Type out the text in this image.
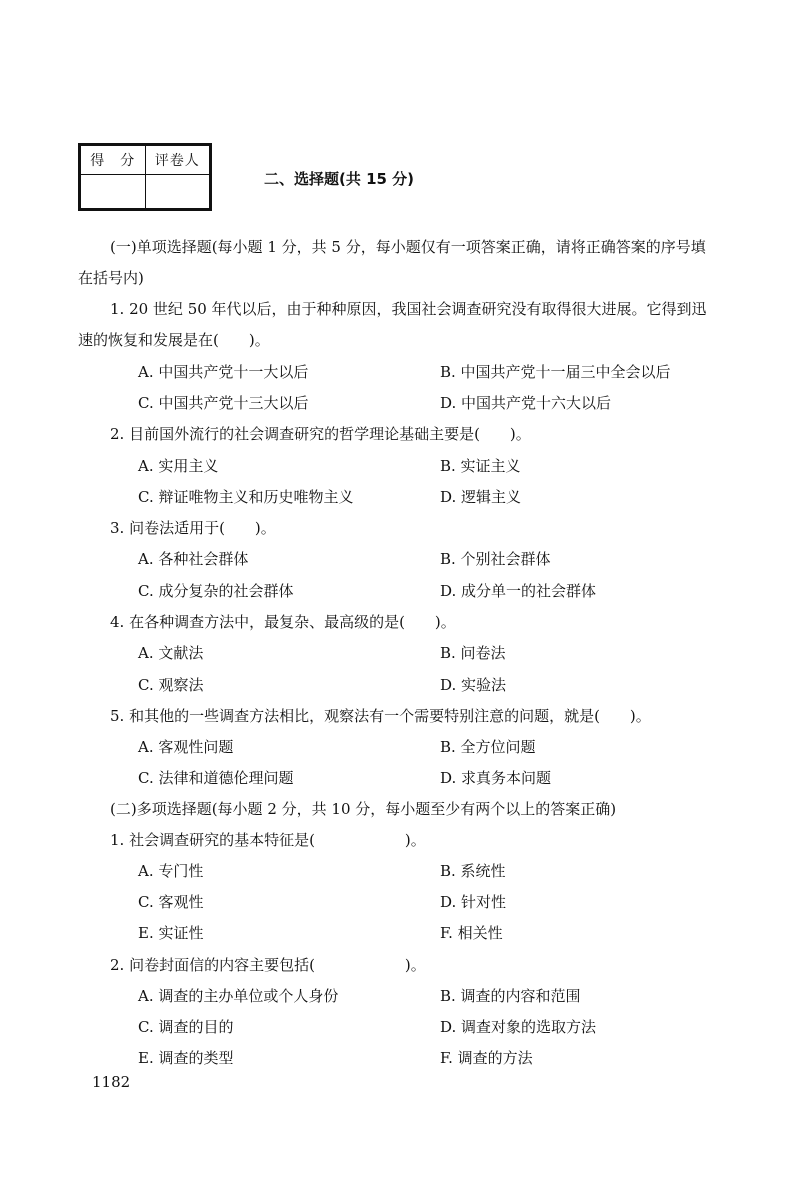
得　分	评卷人

二、选择题(共 15 分)
(一)单项选择题(每小题 1 分，共 5 分，每小题仅有一项答案正确，请将正确答案的序号填
在括号内)
1. 20 世纪 50 年代以后，由于种种原因，我国社会调查研究没有取得很大进展。它得到迅
速的恢复和发展是在(　　)。
A. 中国共产党十一大以后	B. 中国共产党十一届三中全会以后
C. 中国共产党十三大以后	D. 中国共产党十六大以后
2. 目前国外流行的社会调查研究的哲学理论基础主要是(　　)。
A. 实用主义	B. 实证主义
C. 辩证唯物主义和历史唯物主义	D. 逻辑主义
3. 问卷法适用于(　　)。
A. 各种社会群体	B. 个别社会群体
C. 成分复杂的社会群体	D. 成分单一的社会群体
4. 在各种调查方法中，最复杂、最高级的是(　　)。
A. 文献法	B. 问卷法
C. 观察法	D. 实验法
5. 和其他的一些调查方法相比，观察法有一个需要特别注意的问题，就是(　　)。
A. 客观性问题	B. 全方位问题
C. 法律和道德伦理问题	D. 求真务本问题
(二)多项选择题(每小题 2 分，共 10 分，每小题至少有两个以上的答案正确)
1. 社会调查研究的基本特征是(　　　　　　)。
A. 专门性	B. 系统性
C. 客观性	D. 针对性
E. 实证性	F. 相关性
2. 问卷封面信的内容主要包括(　　　　　　)。
A. 调查的主办单位或个人身份	B. 调查的内容和范围
C. 调查的目的	D. 调查对象的选取方法
E. 调查的类型	F. 调查的方法
1182
